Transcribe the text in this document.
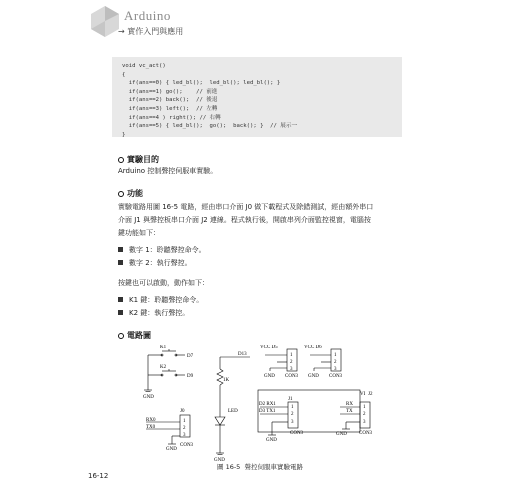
Arduino
→ 實作入門與應用
void vc_act()
{
if(ans==0) { led_bl();  led_bl(); led_bl(); }
if(ans==1) go();    // 前進
if(ans==2) back();  // 後退
if(ans==3) left();  // 左轉
if(ans==4 ) right(); // 右轉
if(ans==5) { led_bl();  go();  back(); }  // 展示一
}
實驗目的
Arduino 控制聲控伺服車實驗。
功能
實驗電路用圖 16-5 電路，經由串口介面 J0 做下載程式及除錯測試，經由額外串口
介面 J1 與聲控板串口介面 J2 連線。程式執行後，開啟串列介面監控視窗，電腦按
鍵功能如下：
數字 1：聆聽聲控命令。
數字 2：執行聲控。
按鍵也可以啟動，動作如下：
K1 鍵：聆聽聲控命令。
K2 鍵：執行聲控。
電路圖
K1
K2
D7
D9
GND
D13
1K
LED
GND
J0
RX0
TX0
1
2
3
GND
CON3
VCC D5
1
2
3
GND CON3
VCC D6
1
2
3
GND CON3
J1
D2 RX1
D3 TX1
1
2
3
GND
CON3
RX
TX
VI J2
1
2
3
GND CON3
圖 16-5 聲控伺服車實驗電路
16-12
